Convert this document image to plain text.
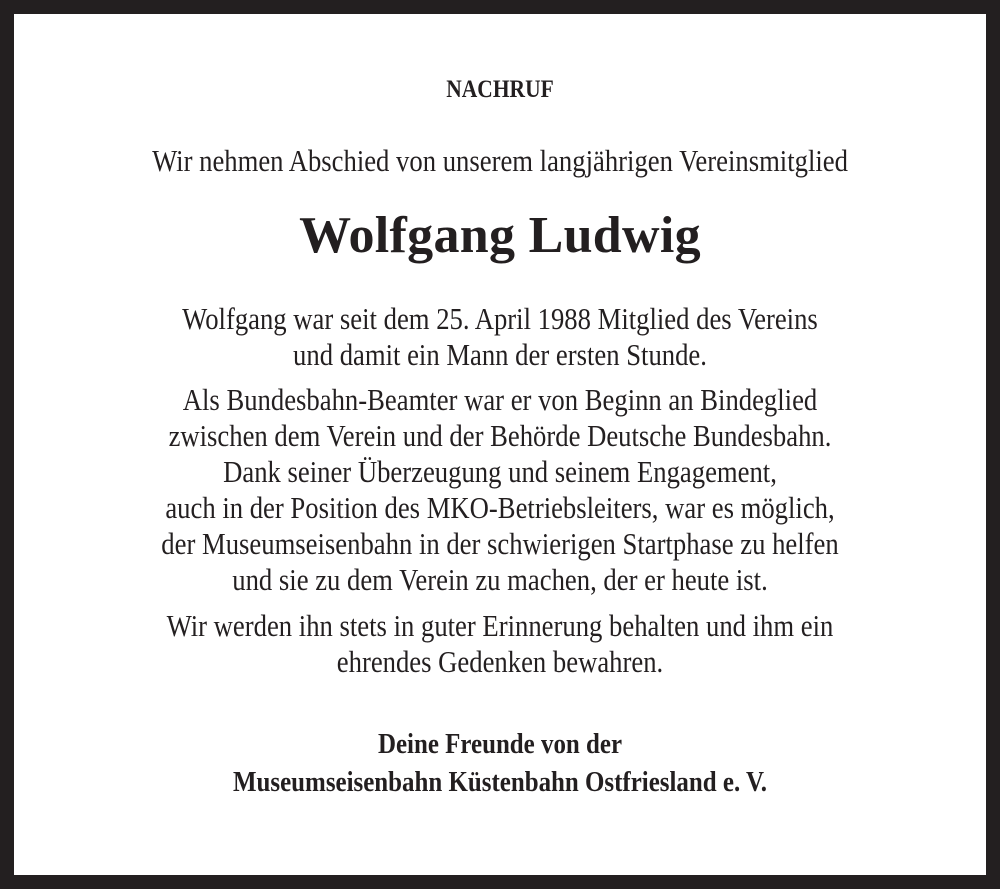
NACHRUF
Wir nehmen Abschied von unserem langjährigen Vereinsmitglied
Wolfgang Ludwig
Wolfgang war seit dem 25. April 1988 Mitglied des Vereins
und damit ein Mann der ersten Stunde.
Als Bundesbahn-Beamter war er von Beginn an Bindeglied
zwischen dem Verein und der Behörde Deutsche Bundesbahn.
Dank seiner Überzeugung und seinem Engagement,
auch in der Position des MKO-Betriebsleiters, war es möglich,
der Museumseisenbahn in der schwierigen Startphase zu helfen
und sie zu dem Verein zu machen, der er heute ist.
Wir werden ihn stets in guter Erinnerung behalten und ihm ein
ehrendes Gedenken bewahren.
Deine Freunde von der
Museumseisenbahn Küstenbahn Ostfriesland e. V.
